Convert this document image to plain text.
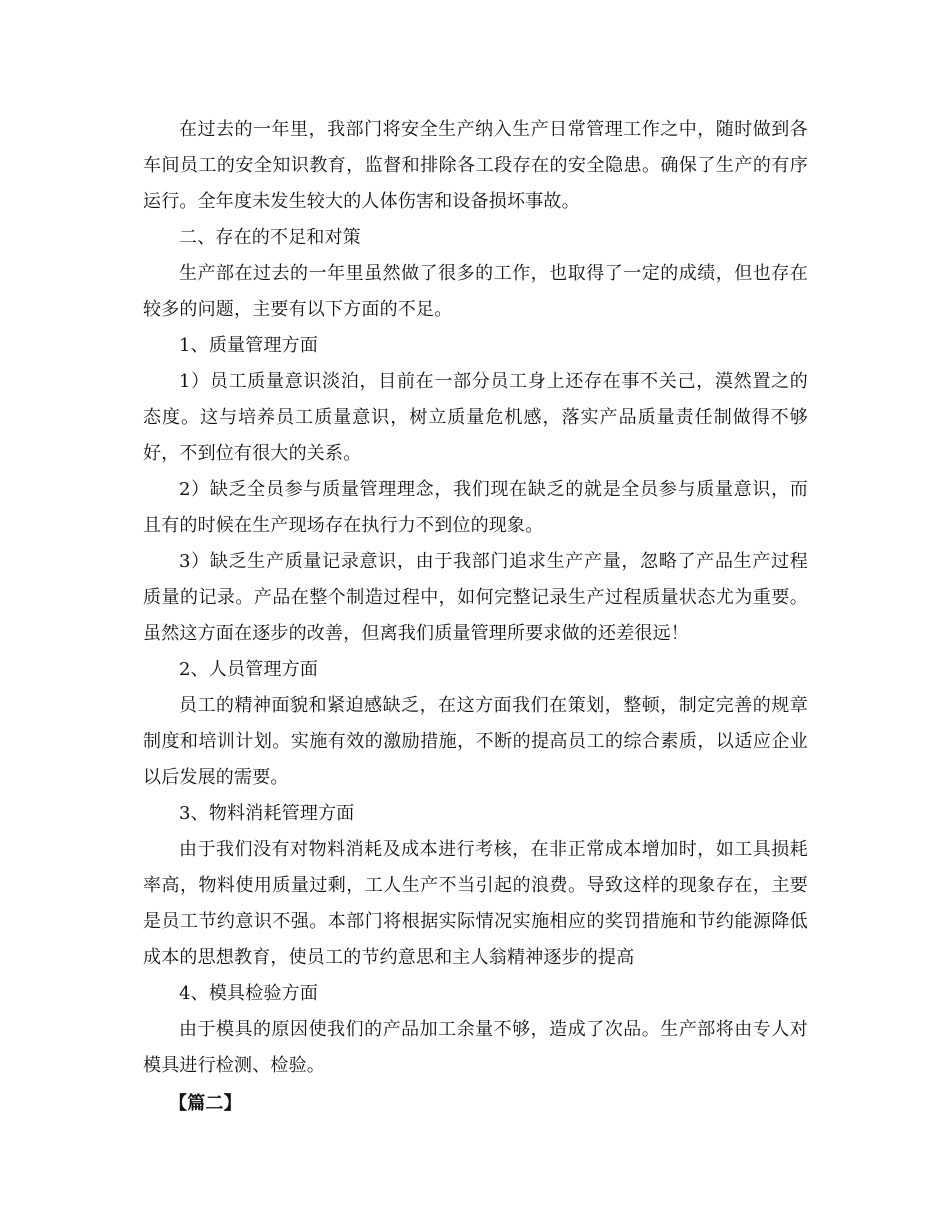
在过去的一年里，我部门将安全生产纳入生产日常管理工作之中，随时做到各车间员工的安全知识教育，监督和排除各工段存在的安全隐患。确保了生产的有序运行。全年度未发生较大的人体伤害和设备损坏事故。

二、存在的不足和对策

生产部在过去的一年里虽然做了很多的工作，也取得了一定的成绩，但也存在较多的问题，主要有以下方面的不足。

1、质量管理方面

1）员工质量意识淡泊，目前在一部分员工身上还存在事不关己，漠然置之的态度。这与培养员工质量意识，树立质量危机感，落实产品质量责任制做得不够好，不到位有很大的关系。

2）缺乏全员参与质量管理理念，我们现在缺乏的就是全员参与质量意识，而且有的时候在生产现场存在执行力不到位的现象。

3）缺乏生产质量记录意识，由于我部门追求生产产量，忽略了产品生产过程质量的记录。产品在整个制造过程中，如何完整记录生产过程质量状态尤为重要。虽然这方面在逐步的改善，但离我们质量管理所要求做的还差很远！

2、人员管理方面

员工的精神面貌和紧迫感缺乏，在这方面我们在策划，整顿，制定完善的规章制度和培训计划。实施有效的激励措施，不断的提高员工的综合素质，以适应企业以后发展的需要。

3、物料消耗管理方面

由于我们没有对物料消耗及成本进行考核，在非正常成本增加时，如工具损耗率高，物料使用质量过剩，工人生产不当引起的浪费。导致这样的现象存在，主要是员工节约意识不强。本部门将根据实际情况实施相应的奖罚措施和节约能源降低成本的思想教育，使员工的节约意思和主人翁精神逐步的提高

4、模具检验方面

由于模具的原因使我们的产品加工余量不够，造成了次品。生产部将由专人对模具进行检测、检验。

【篇二】
